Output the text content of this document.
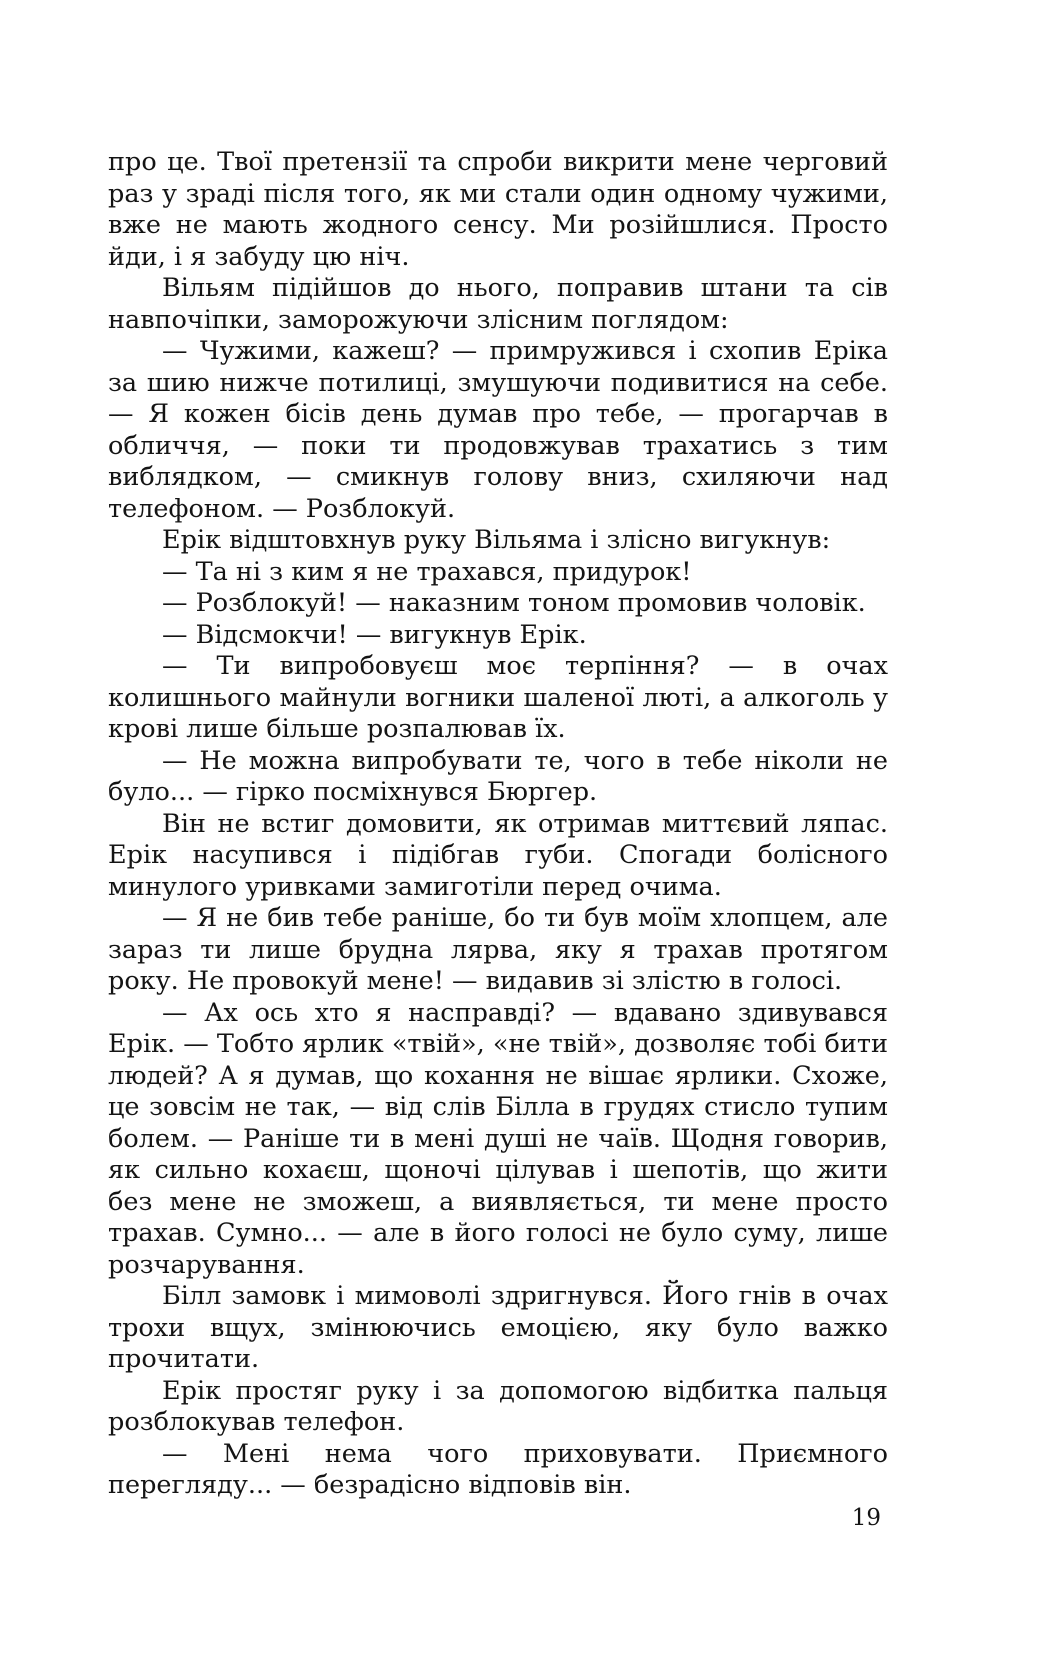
про це. Твої претензії та спроби викрити мене черговий раз у зраді після того, як ми стали один одному чужими, вже не мають жодного сенсу. Ми розійшлися. Просто йди, і я забуду цю ніч.

Вільям підійшов до нього, поправив штани та сів навпочіпки, заморожуючи злісним поглядом:

— Чужими, кажеш? — примружився і схопив Еріка за шию нижче потилиці, змушуючи подивитися на себе. — Я кожен бісів день думав про тебе, — прогарчав в обличчя, — поки ти продовжував трахатись з тим виблядком, — смикнув голову вниз, схиляючи над телефоном. — Розблокуй.

Ерік відштовхнув руку Вільяма і злісно вигукнув:

— Та ні з ким я не трахався, придурок!

— Розблокуй! — наказним тоном промовив чоловік.

— Відсмокчи! — вигукнув Ерік.

— Ти випробовуєш моє терпіння? — в очах колишнього майнули вогники шаленої люті, а алкоголь у крові лише більше розпалював їх.

— Не можна випробувати те, чого в тебе ніколи не було... — гірко посміхнувся Бюргер.

Він не встиг домовити, як отримав миттєвий ляпас. Ерік насупився і підібгав губи. Спогади болісного минулого уривками замиготіли перед очима.

— Я не бив тебе раніше, бо ти був моїм хлопцем, але зараз ти лише брудна лярва, яку я трахав протягом року. Не провокуй мене! — видавив зі злістю в голосі.

— Ах ось хто я насправді? — вдавано здивувався Ерік. — Тобто ярлик «твій», «не твій», дозволяє тобі бити людей? А я думав, що кохання не вішає ярлики. Схоже, це зовсім не так, — від слів Білла в грудях стисло тупим болем. — Раніше ти в мені душі не чаїв. Щодня говорив, як сильно кохаєш, щоночі цілував і шепотів, що жити без мене не зможеш, а виявляється, ти мене просто трахав. Сумно... — але в його голосі не було суму, лише розчарування.

Білл замовк і мимоволі здригнувся. Його гнів в очах трохи вщух, змінюючись емоцією, яку було важко прочитати.

Ерік простяг руку і за допомогою відбитка пальця розблокував телефон.

— Мені нема чого приховувати. Приємного перегляду... — безрадісно відповів він.

19
